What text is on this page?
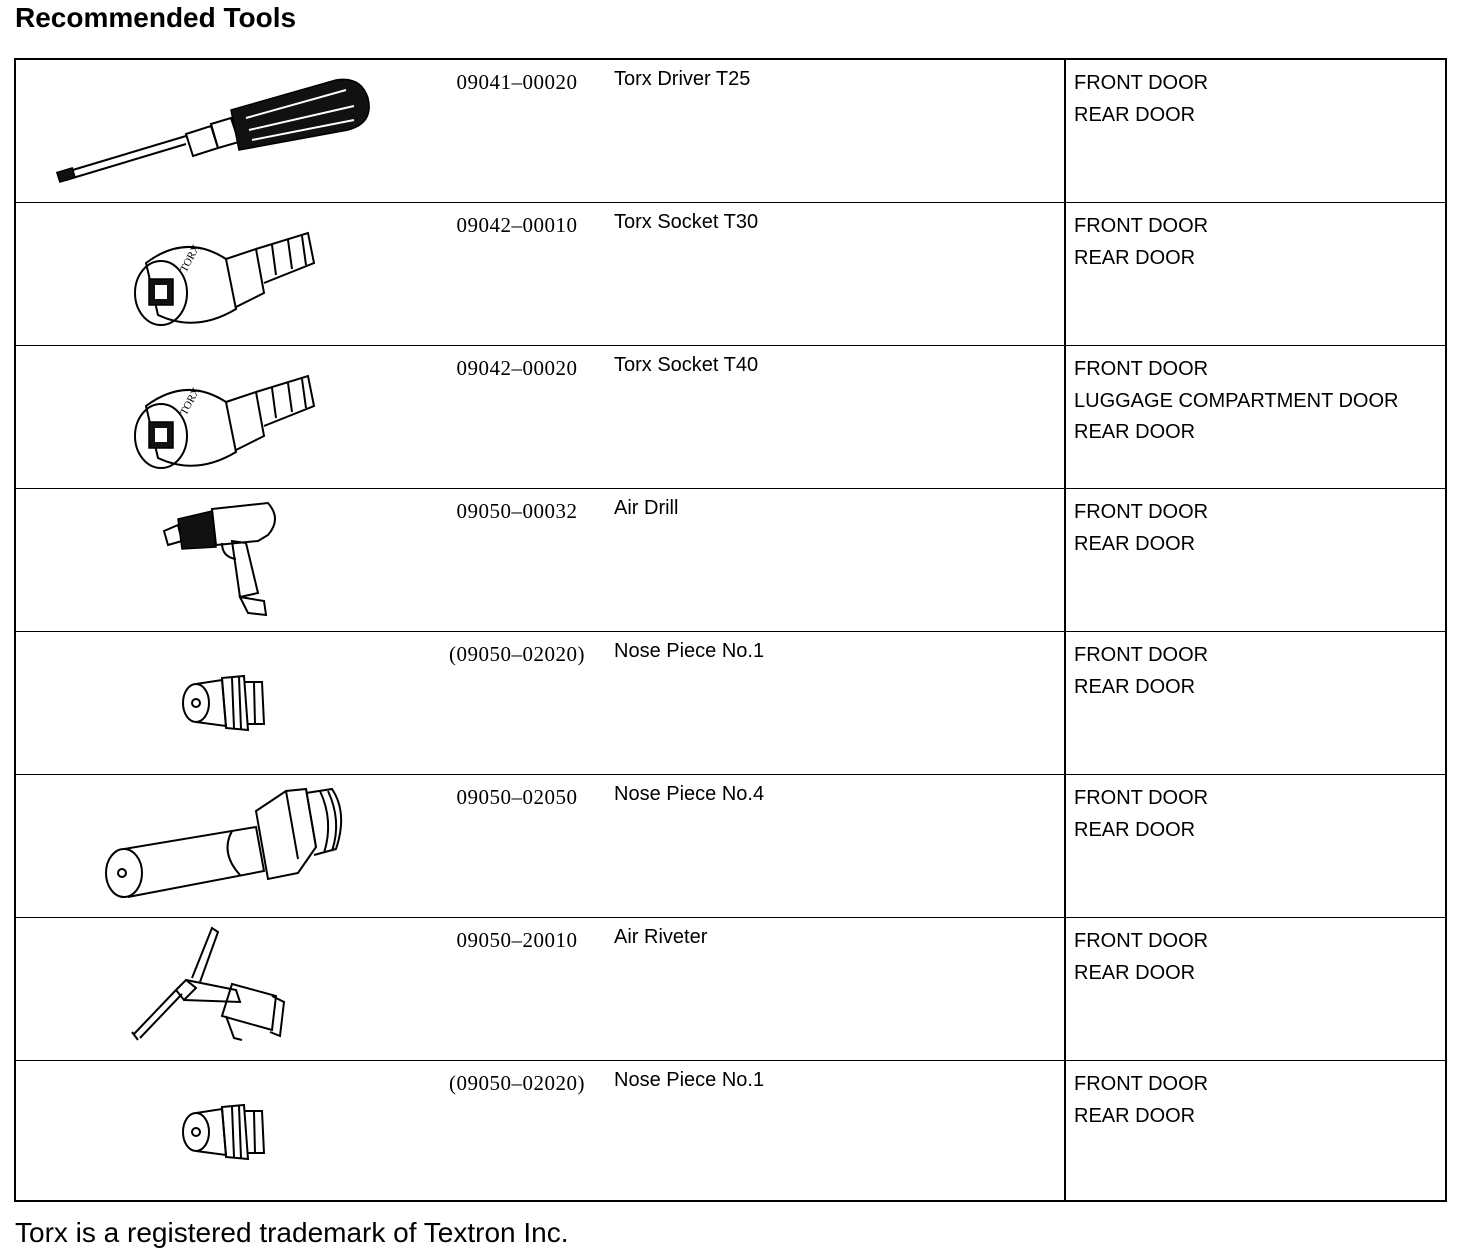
Recommended Tools
09041–00020	Torx Driver T25	FRONT DOOR
REAR DOOR
TORX
09042–00010	Torx Socket T30	FRONT DOOR
REAR DOOR
TORX
09042–00020	Torx Socket T40	FRONT DOOR
LUGGAGE COMPARTMENT DOOR
REAR DOOR
09050–00032	Air Drill	FRONT DOOR
REAR DOOR
(09050–02020)	Nose Piece No.1	FRONT DOOR
REAR DOOR
09050–02050	Nose Piece No.4	FRONT DOOR
REAR DOOR
09050–20010	Air Riveter	FRONT DOOR
REAR DOOR
(09050–02020)	Nose Piece No.1	FRONT DOOR
REAR DOOR
Torx is a registered trademark of Textron Inc.
